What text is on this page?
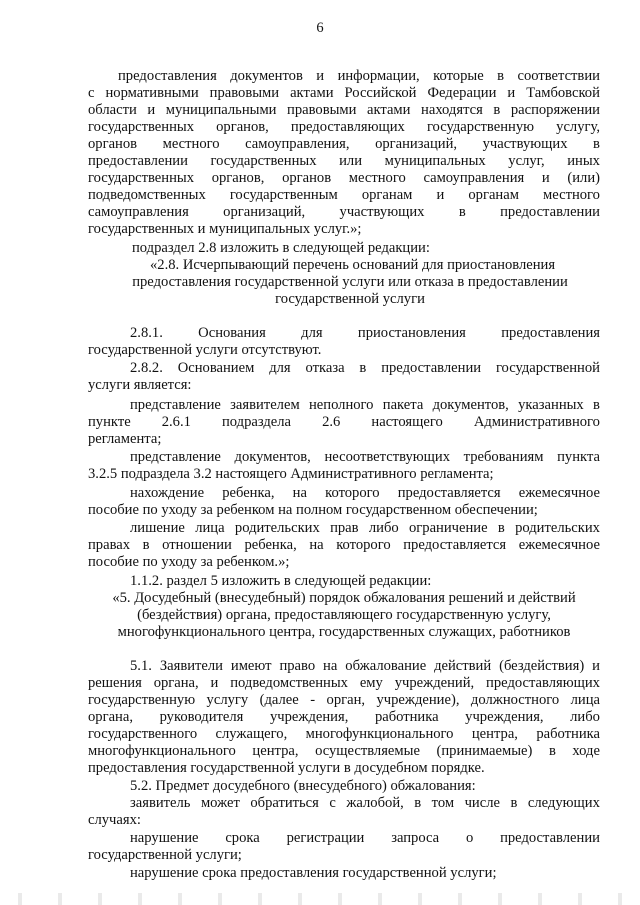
6
предоставления документов и информации, которые в соответствии
с нормативными правовыми актами Российской Федерации и Тамбовской
области и муниципальными правовыми актами находятся в распоряжении
государственных органов, предоставляющих государственную услугу,
органов местного самоуправления, организаций, участвующих в
предоставлении государственных или муниципальных услуг, иных
государственных органов, органов местного самоуправления и (или)
подведомственных государственным органам и органам местного
самоуправления организаций, участвующих в предоставлении
государственных и муниципальных услуг.»;
подраздел 2.8 изложить в следующей редакции:
«2.8. Исчерпывающий перечень оснований для приостановления
предоставления государственной услуги или отказа в предоставлении
государственной услуги
2.8.1. Основания для приостановления предоставления
государственной услуги отсутствуют.
2.8.2. Основанием для отказа в предоставлении государственной
услуги является:
представление заявителем неполного пакета документов, указанных в
пункте 2.6.1 подраздела 2.6 настоящего Административного
регламента;
представление документов, несоответствующих требованиям пункта
3.2.5 подраздела 3.2 настоящего Административного регламента;
нахождение ребенка, на которого предоставляется ежемесячное
пособие по уходу за ребенком на полном государственном обеспечении;
лишение лица родительских прав либо ограничение в родительских
правах в отношении ребенка, на которого предоставляется ежемесячное
пособие по уходу за ребенком.»;
1.1.2. раздел 5 изложить в следующей редакции:
«5. Досудебный (внесудебный) порядок обжалования решений и действий
(бездействия) органа, предоставляющего государственную услугу,
многофункционального центра, государственных служащих, работников
5.1. Заявители имеют право на обжалование действий (бездействия) и
решения органа, и подведомственных ему учреждений, предоставляющих
государственную услугу (далее - орган, учреждение), должностного лица
органа, руководителя учреждения, работника учреждения, либо
государственного служащего, многофункционального центра, работника
многофункционального центра, осуществляемые (принимаемые) в ходе
предоставления государственной услуги в досудебном порядке.
5.2. Предмет досудебного (внесудебного) обжалования:
заявитель может обратиться с жалобой, в том числе в следующих
случаях:
нарушение срока регистрации запроса о предоставлении
государственной услуги;
нарушение срока предоставления государственной услуги;
